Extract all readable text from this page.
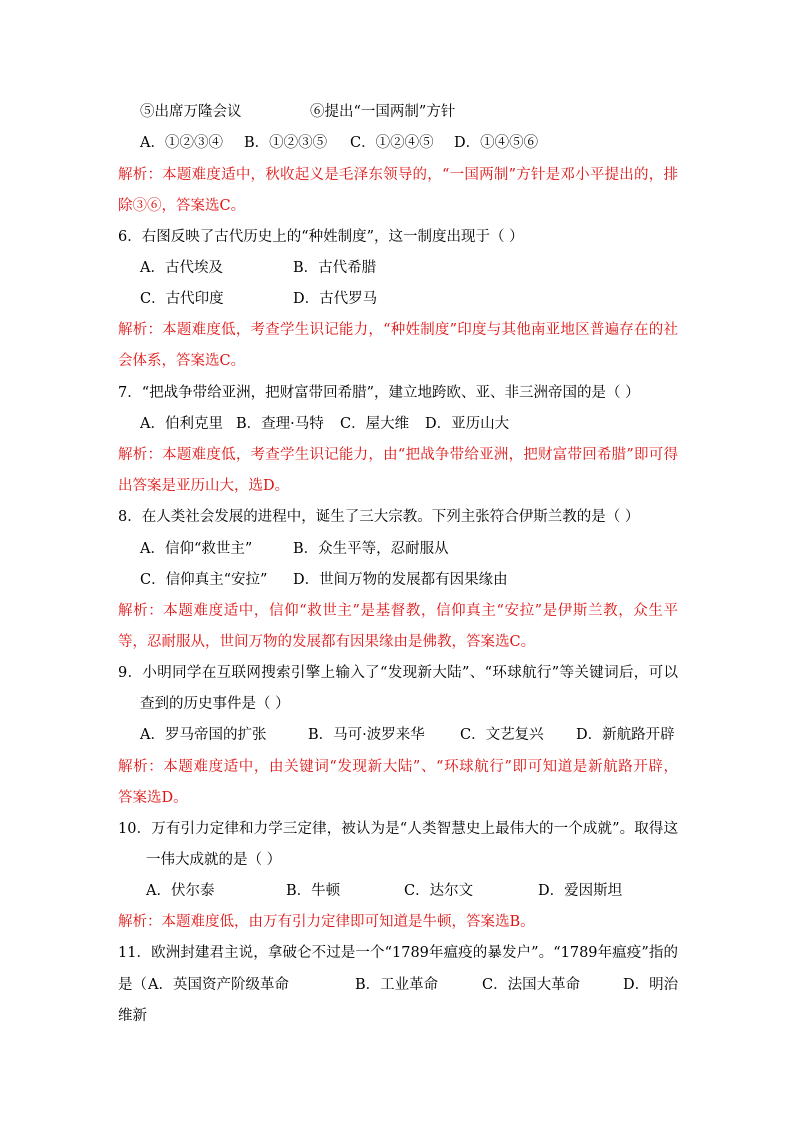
⑤出席万隆会议	⑥提出“一国两制”方针
A．①②③④ B．①②③⑤ C．①②④⑤ D．①④⑤⑥
解析：本题难度适中，秋收起义是毛泽东领导的，“一国两制”方针是邓小平提出的，排
除③⑥，答案选C。
6．右图反映了古代历史上的“种姓制度”，这一制度出现于（ ）
A．古代埃及	B．古代希腊
C．古代印度	D．古代罗马
解析：本题难度低，考查学生识记能力，“种姓制度”印度与其他南亚地区普遍存在的社
会体系，答案选C。
7．“把战争带给亚洲，把财富带回希腊”，建立地跨欧、亚、非三洲帝国的是（ ）
A．伯利克里 B．查理·马特 C．屋大维 D．亚历山大
解析：本题难度低，考查学生识记能力，由“把战争带给亚洲，把财富带回希腊”即可得
出答案是亚历山大，选D。
8．在人类社会发展的进程中，诞生了三大宗教。下列主张符合伊斯兰教的是（ ）
A．信仰“救世主”	B．众生平等，忍耐服从
C．信仰真主“安拉” D．世间万物的发展都有因果缘由
解析：本题难度适中，信仰“救世主”是基督教，信仰真主“安拉”是伊斯兰教，众生平
等，忍耐服从，世间万物的发展都有因果缘由是佛教，答案选C。
9．小明同学在互联网搜索引擎上输入了“发现新大陆”、“环球航行”等关键词后，可以
查到的历史事件是（ ）
A．罗马帝国的扩张	B．马可·波罗来华 C．文艺复兴 D．新航路开辟
解析：本题难度适中，由关键词“发现新大陆”、“环球航行”即可知道是新航路开辟，
答案选D。
10．万有引力定律和力学三定律，被认为是“人类智慧史上最伟大的一个成就”。取得这
一伟大成就的是（ ）
A．伏尔泰	B．牛顿	C．达尔文	D．爱因斯坦
解析：本题难度低，由万有引力定律即可知道是牛顿，答案选B。
11．欧洲封建君主说，拿破仑不过是一个“1789年瘟疫的暴发户”。“1789年瘟疫”指的
是（ A．英国资产阶级革命	B．工业革命	C．法国大革命	D．明治
维新
